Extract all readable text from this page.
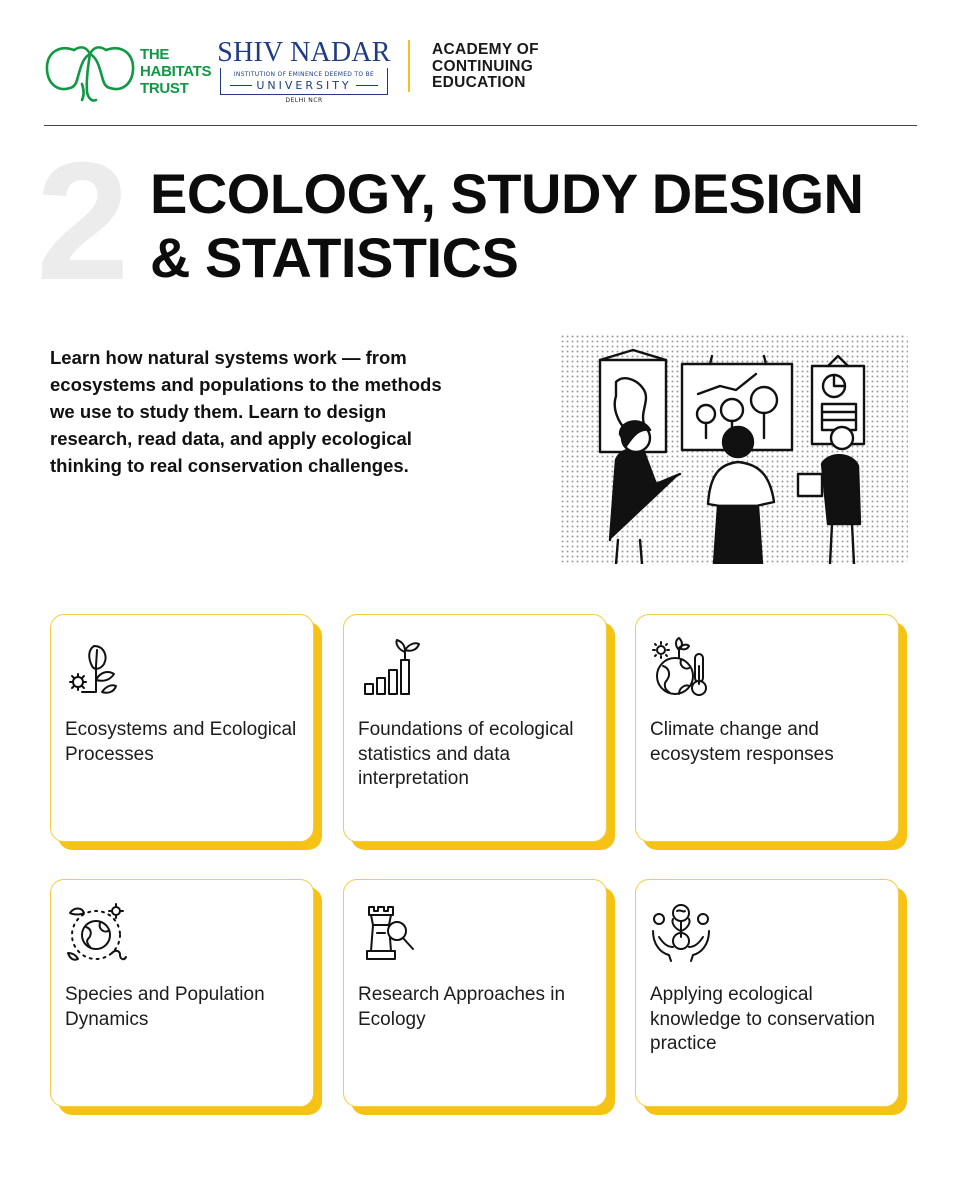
THE
HABITATS
TRUST
SHIV NADAR
INSTITUTION OF EMINENCE DEEMED TO BE
UNIVERSITY
DELHI NCR
ACADEMY OF
CONTINUING
EDUCATION
2 ECOLOGY, STUDY DESIGN
& STATISTICS

Learn how natural systems work — from ecosystems and populations to the methods we use to study them. Learn to design research, read data, and apply ecological thinking to real conservation challenges.

Ecosystems and Ecological Processes
Foundations of ecological statistics and data interpretation
Climate change and ecosystem responses
Species and Population Dynamics
Research Approaches in Ecology
Applying ecological knowledge to conservation practice
